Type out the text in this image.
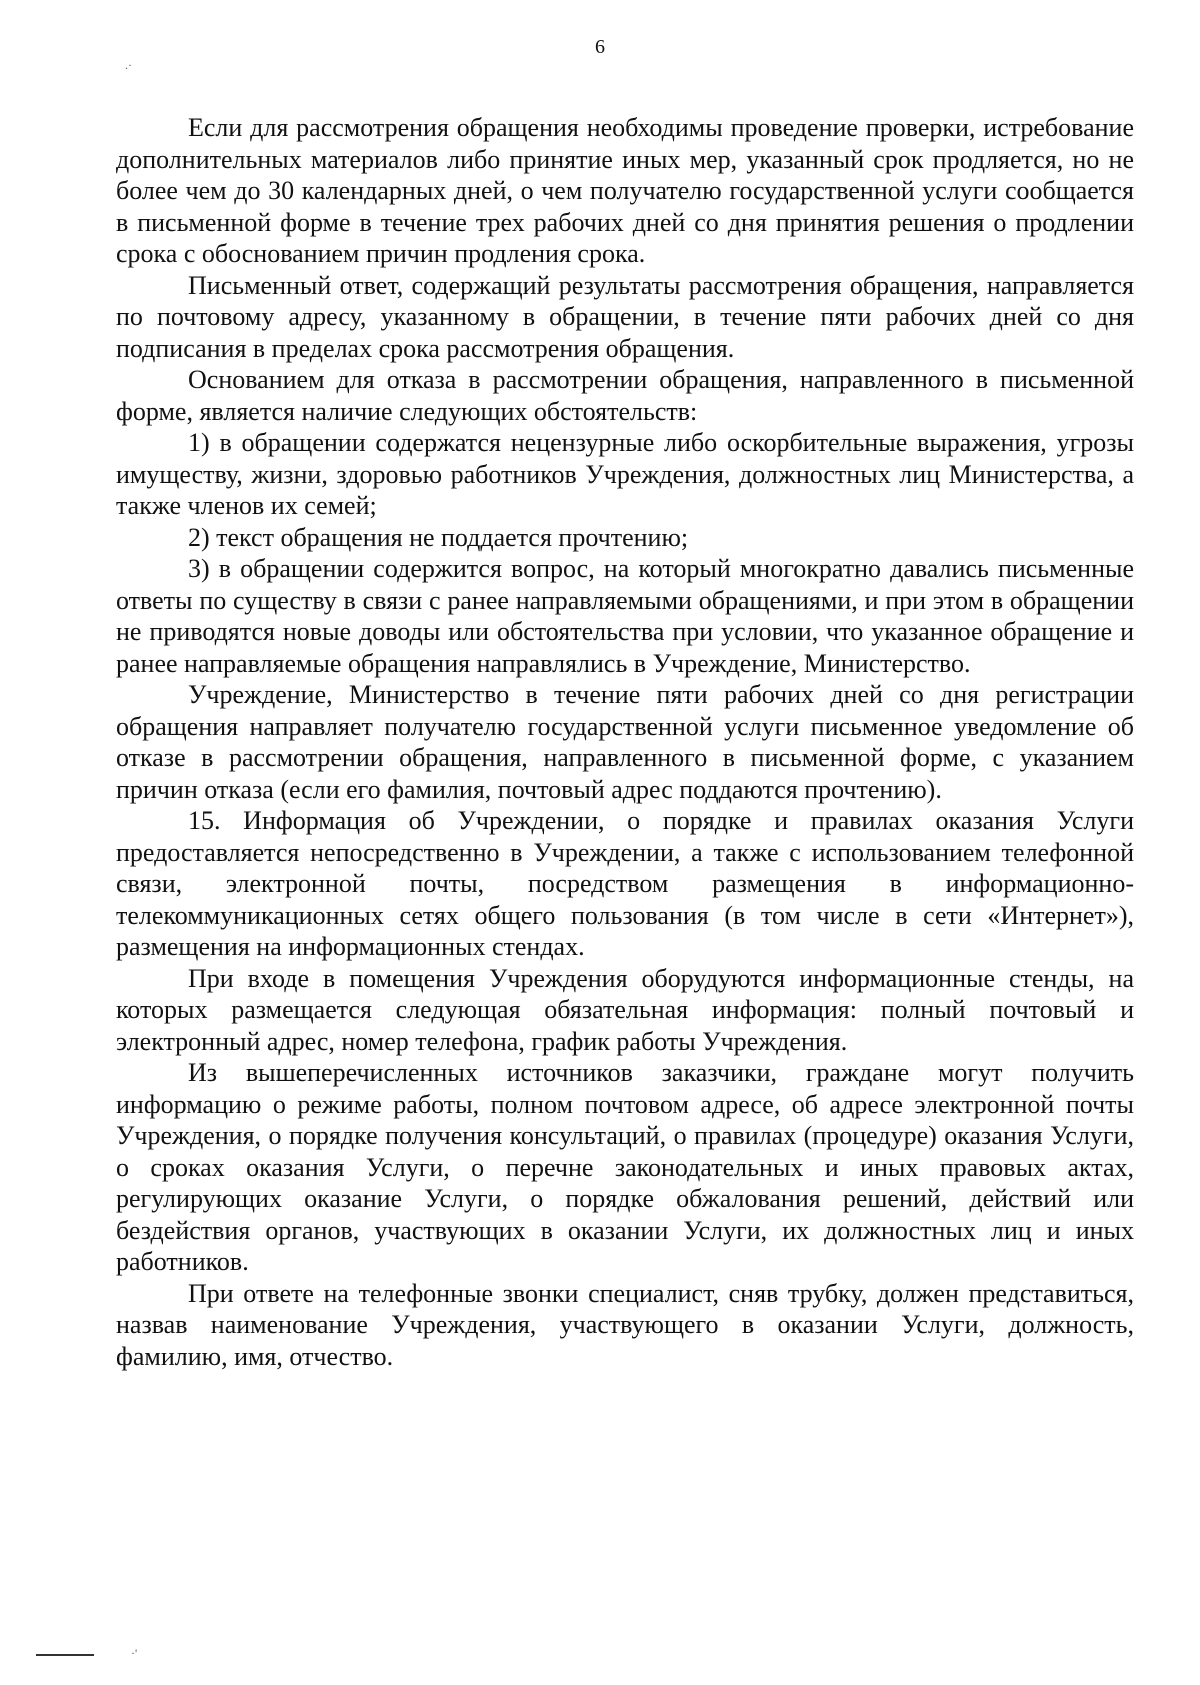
6
.·

Если для рассмотрения обращения необходимы проведение проверки, истребование дополнительных материалов либо принятие иных мер, указанный срок продляется, но не более чем до 30 календарных дней, о чем получателю государственной услуги сообщается в письменной форме в течение трех рабочих дней со дня принятия решения о продлении срока с обоснованием причин продления срока.

Письменный ответ, содержащий результаты рассмотрения обращения, направляется по почтовому адресу, указанному в обращении, в течение пяти рабочих дней со дня подписания в пределах срока рассмотрения обращения.

Основанием для отказа в рассмотрении обращения, направленного в письменной форме, является наличие следующих обстоятельств:

1) в обращении содержатся нецензурные либо оскорбительные выражения, угрозы имуществу, жизни, здоровью работников Учреждения, должностных лиц Министерства, а также членов их семей;

2) текст обращения не поддается прочтению;

3) в обращении содержится вопрос, на который многократно давались письменные ответы по существу в связи с ранее направляемыми обращениями, и при этом в обращении не приводятся новые доводы или обстоятельства при условии, что указанное обращение и ранее направляемые обращения направлялись в Учреждение, Министерство.

Учреждение, Министерство в течение пяти рабочих дней со дня регистрации обращения направляет получателю государственной услуги письменное уведомление об отказе в рассмотрении обращения, направленного в письменной форме, с указанием причин отказа (если его фамилия, почтовый адрес поддаются прочтению).

15. Информация об Учреждении, о порядке и правилах оказания Услуги предоставляется непосредственно в Учреждении, а также с использованием телефонной связи, электронной почты, посредством размещения в информационно-телекоммуникационных сетях общего пользования (в том числе в сети «Интернет»), размещения на информационных стендах.

При входе в помещения Учреждения оборудуются информационные стенды, на которых размещается следующая обязательная информация: полный почтовый и электронный адрес, номер телефона, график работы Учреждения.

Из вышеперечисленных источников заказчики, граждане могут получить информацию о режиме работы, полном почтовом адресе, об адресе электронной почты Учреждения, о порядке получения консультаций, о правилах (процедуре) оказания Услуги, о сроках оказания Услуги, о перечне законодательных и иных правовых актах, регулирующих оказание Услуги, о порядке обжалования решений, действий или бездействия органов, участвующих в оказании Услуги, их должностных лиц и иных работников.

При ответе на телефонные звонки специалист, сняв трубку, должен представиться, назвав наименование Учреждения, участвующего в оказании Услуги, должность, фамилию, имя, отчество.

·'
